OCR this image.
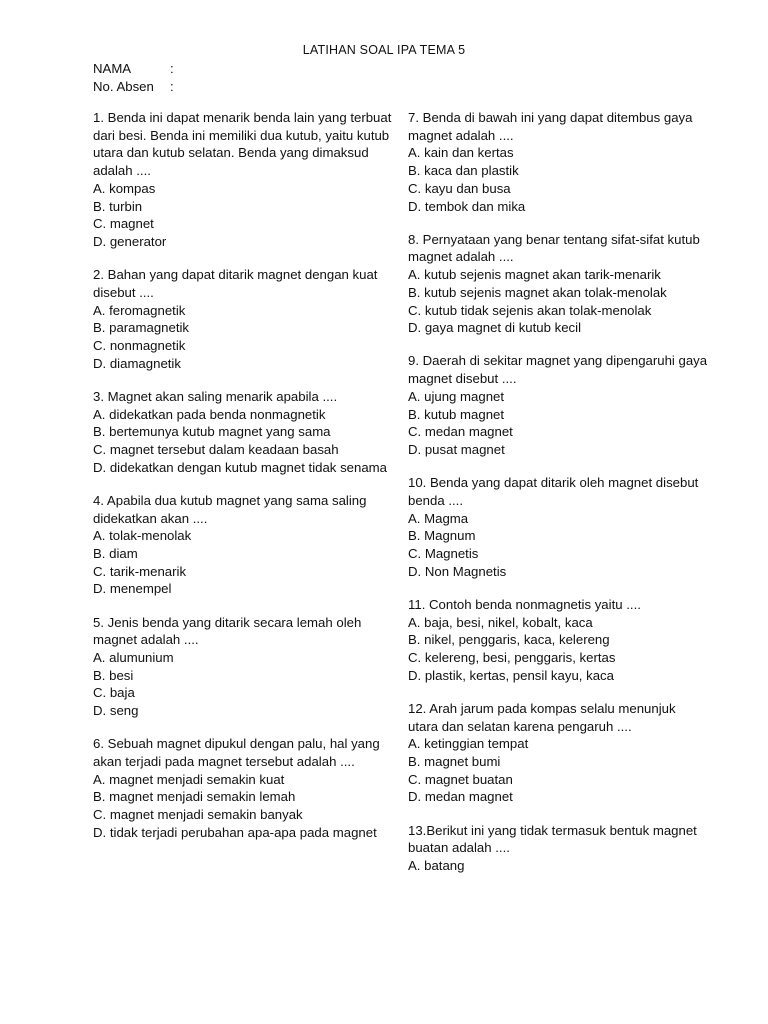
LATIHAN SOAL IPA TEMA 5
NAMA	:
No. Absen	:

1. Benda ini dapat menarik benda lain yang terbuat dari besi. Benda ini memiliki dua kutub, yaitu kutub utara dan kutub selatan. Benda yang dimaksud adalah ....

A. kompas
B. turbin
C. magnet
D. generator

2. Bahan yang dapat ditarik magnet dengan kuat disebut ....

A. feromagnetik
B. paramagnetik
C. nonmagnetik
D. diamagnetik

3. Magnet akan saling menarik apabila ....

A. didekatkan pada benda nonmagnetik
B. bertemunya kutub magnet yang sama
C. magnet tersebut dalam keadaan basah
D. didekatkan dengan kutub magnet tidak senama

4. Apabila dua kutub magnet yang sama saling didekatkan akan ....

A. tolak-menolak
B. diam
C. tarik-menarik
D. menempel

5. Jenis benda yang ditarik secara lemah oleh magnet adalah ....

A. alumunium
B. besi
C. baja
D. seng

6. Sebuah magnet dipukul dengan palu, hal yang akan terjadi pada magnet tersebut adalah ....

A. magnet menjadi semakin kuat
B. magnet menjadi semakin lemah
C. magnet menjadi semakin banyak
D. tidak terjadi perubahan apa-apa pada magnet

7. Benda di bawah ini yang dapat ditembus gaya magnet adalah ....

A. kain dan kertas
B. kaca dan plastik
C. kayu dan busa
D. tembok dan mika

8. Pernyataan yang benar tentang sifat-sifat kutub magnet adalah ....

A. kutub sejenis magnet akan tarik-menarik
B. kutub sejenis magnet akan tolak-menolak
C. kutub tidak sejenis akan tolak-menolak
D. gaya magnet di kutub kecil

9. Daerah di sekitar magnet yang dipengaruhi gaya magnet disebut ....

A. ujung magnet
B. kutub magnet
C. medan magnet
D. pusat magnet

10. Benda yang dapat ditarik oleh magnet disebut benda ....

A. Magma
B. Magnum
C. Magnetis
D. Non Magnetis

11. Contoh benda nonmagnetis yaitu ....

A. baja, besi, nikel, kobalt, kaca
B. nikel, penggaris, kaca, kelereng
C. kelereng, besi, penggaris, kertas
D. plastik, kertas, pensil kayu, kaca

12. Arah jarum pada kompas selalu menunjuk utara dan selatan karena pengaruh ....

A. ketinggian tempat
B. magnet bumi
C. magnet buatan
D. medan magnet

13.Berikut ini yang tidak termasuk bentuk magnet buatan adalah ....

A. batang
